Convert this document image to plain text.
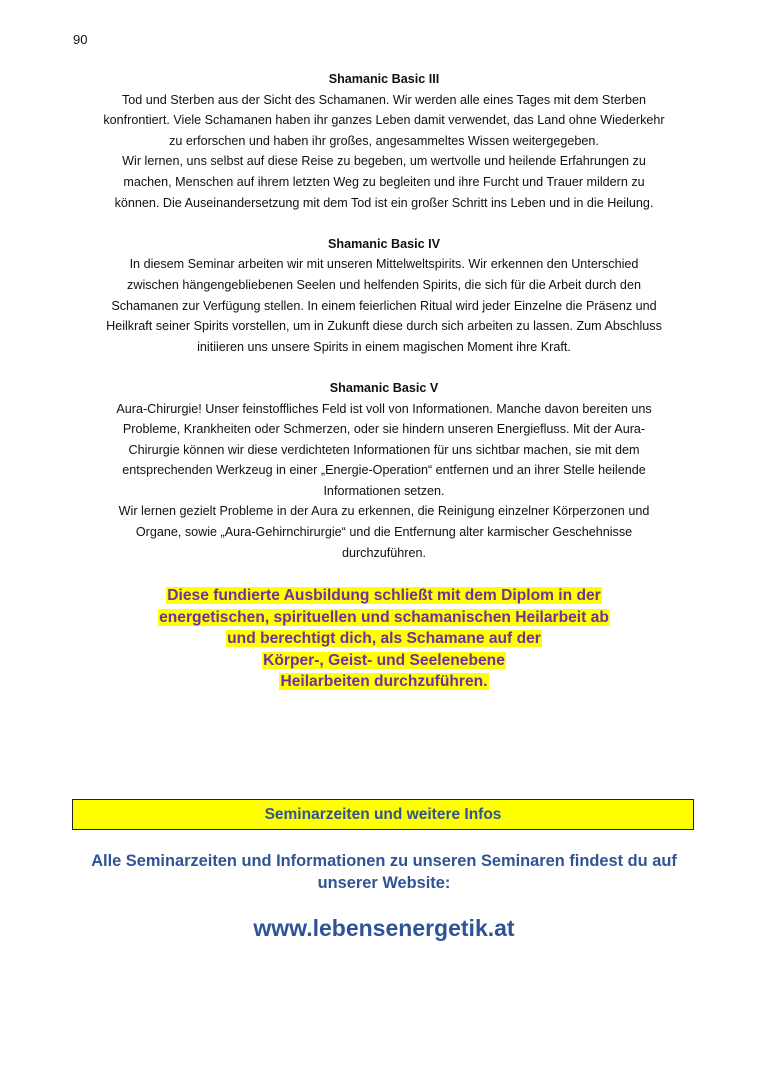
90
Shamanic Basic III

Tod und Sterben aus der Sicht des Schamanen. Wir werden alle eines Tages mit dem Sterben

konfrontiert. Viele Schamanen haben ihr ganzes Leben damit verwendet, das Land ohne Wiederkehr

zu erforschen und haben ihr großes, angesammeltes Wissen weitergegeben.

Wir lernen, uns selbst auf diese Reise zu begeben, um wertvolle und heilende Erfahrungen zu

machen, Menschen auf ihrem letzten Weg zu begleiten und ihre Furcht und Trauer mildern zu

können. Die Auseinandersetzung mit dem Tod ist ein großer Schritt ins Leben und in die Heilung.

Shamanic Basic IV

In diesem Seminar arbeiten wir mit unseren Mittelweltspirits. Wir erkennen den Unterschied

zwischen hängengebliebenen Seelen und helfenden Spirits, die sich für die Arbeit durch den

Schamanen zur Verfügung stellen. In einem feierlichen Ritual wird jeder Einzelne die Präsenz und

Heilkraft seiner Spirits vorstellen, um in Zukunft diese durch sich arbeiten zu lassen. Zum Abschluss

initiieren uns unsere Spirits in einem magischen Moment ihre Kraft.

Shamanic Basic V

Aura-Chirurgie! Unser feinstoffliches Feld ist voll von Informationen. Manche davon bereiten uns

Probleme, Krankheiten oder Schmerzen, oder sie hindern unseren Energiefluss. Mit der Aura-

Chirurgie können wir diese verdichteten Informationen für uns sichtbar machen, sie mit dem

entsprechenden Werkzeug in einer „Energie-Operation“ entfernen und an ihrer Stelle heilende

Informationen setzen.

Wir lernen gezielt Probleme in der Aura zu erkennen, die Reinigung einzelner Körperzonen und

Organe, sowie „Aura-Gehirnchirurgie“ und die Entfernung alter karmischer Geschehnisse

durchzuführen.

Diese fundierte Ausbildung schließt mit dem Diplom in der
energetischen, spirituellen und schamanischen Heilarbeit ab
und berechtigt dich, als Schamane auf der
Körper-, Geist- und Seelenebene
Heilarbeiten durchzuführen.
Seminarzeiten und weitere Infos
Alle Seminarzeiten und Informationen zu unseren Seminaren findest du auf
unserer Website:
www.lebensenergetik.at
